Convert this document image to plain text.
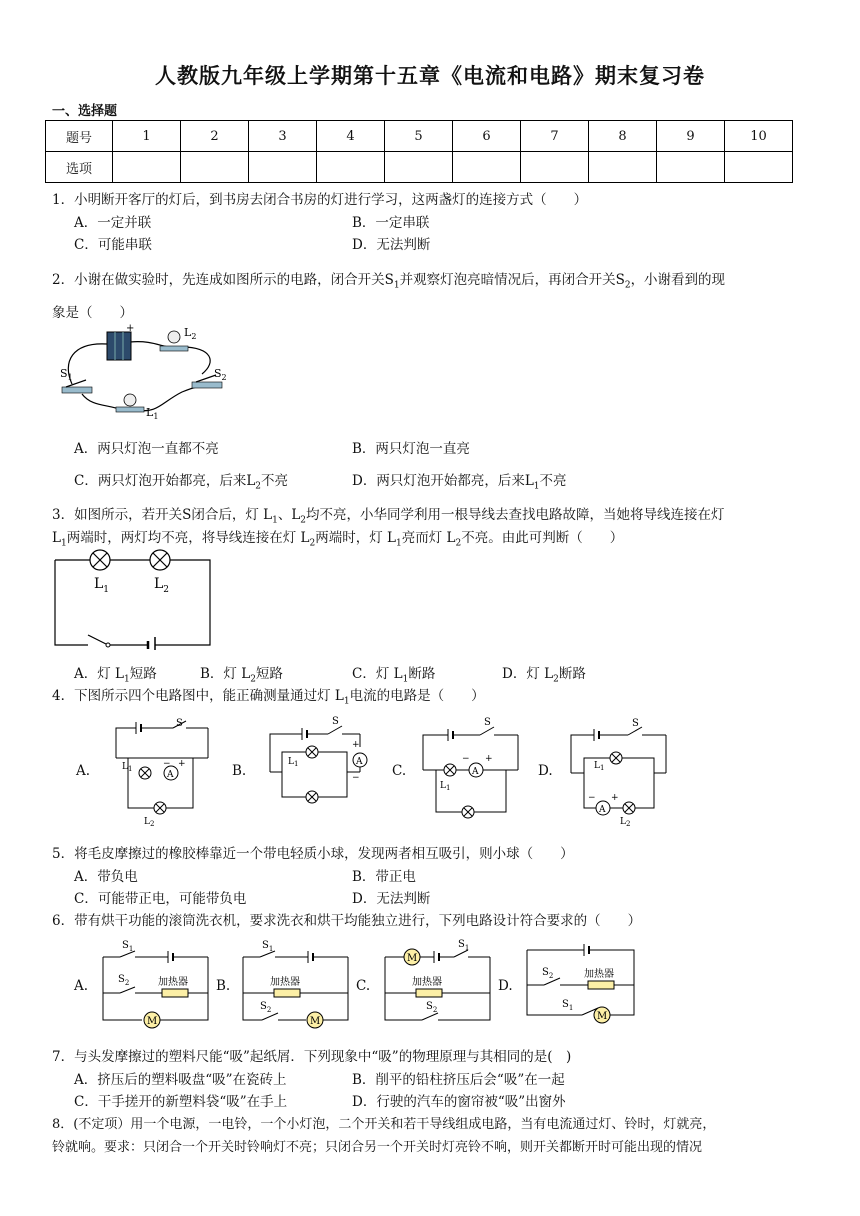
人教版九年级上学期第十五章《电流和电路》期末复习卷
一、选择题
题号	1	2	3	4	5	6	7	8	9	10
选项										
1．小明断开客厅的灯后，到书房去闭合书房的灯进行学习，这两盏灯的连接方式（　　）
A．一定并联	B．一定串联
C．可能串联	D．无法判断
2．小谢在做实验时，先连成如图所示的电路，闭合开关$S_1$并观察灯泡亮暗情况后，再闭合开关$S_2$，小谢看到的现
象是（　　）
+	$L_2$
$S_1$	$S_2$
$L_1$
A．两只灯泡一直都不亮	B．两只灯泡一直亮
C．两只灯泡开始都亮，后来$L_2$不亮	D．两只灯泡开始都亮，后来$L_1$不亮
3．如图所示，若开关S闭合后，灯 $L_1$、$L_2$均不亮，小华同学利用一根导线去查找电路故障，当她将导线连接在灯
$L_1$两端时，两灯均不亮，将导线连接在灯 $L_2$两端时，灯 $L_1$亮而灯 $L_2$不亮。由此可判断（　　）
$L_1$	$L_2$
A．灯 $L_1$短路	B．灯 $L_2$短路	C．灯 $L_1$断路	D．灯 $L_2$断路
4．下图所示四个电路图中，能正确测量通过灯 $L_1$电流的电路是（　　）
A.	B.	C.	D.
S
A
− +
$L_1$
$L_2$
S
A
+
−
$L_1$
S
A
− +
$L_1$
S
A
− +
$L_1$
$L_2$
5．将毛皮摩擦过的橡胶棒靠近一个带电轻质小球，发现两者相互吸引，则小球（　　）
A．带负电	B．带正电
C．可能带正电，可能带负电	D．无法判断
6．带有烘干功能的滚筒洗衣机，要求洗衣和烘干均能独立进行，下列电路设计符合要求的（　　）
A.	B.	C.	D.
M
$S_1$
$S_2$	加热器
$S_2$
M
$S_1$
加热器
$S_2$
M
$S_1$
加热器
$S_2$	加热器
$S_1$
M
7．与头发摩擦过的塑料尺能“吸”起纸屑．下列现象中“吸”的物理原理与其相同的是(　)
A．挤压后的塑料吸盘“吸”在瓷砖上	B．削平的铅柱挤压后会“吸”在一起
C．干手搓开的新塑料袋“吸”在手上	D．行驶的汽车的窗帘被“吸”出窗外
8．(不定项）用一个电源，一电铃，一个小灯泡，二个开关和若干导线组成电路，当有电流通过灯、铃时，灯就亮，
铃就响。要求：只闭合一个开关时铃响灯不亮；只闭合另一个开关时灯亮铃不响，则开关都断开时可能出现的情况
